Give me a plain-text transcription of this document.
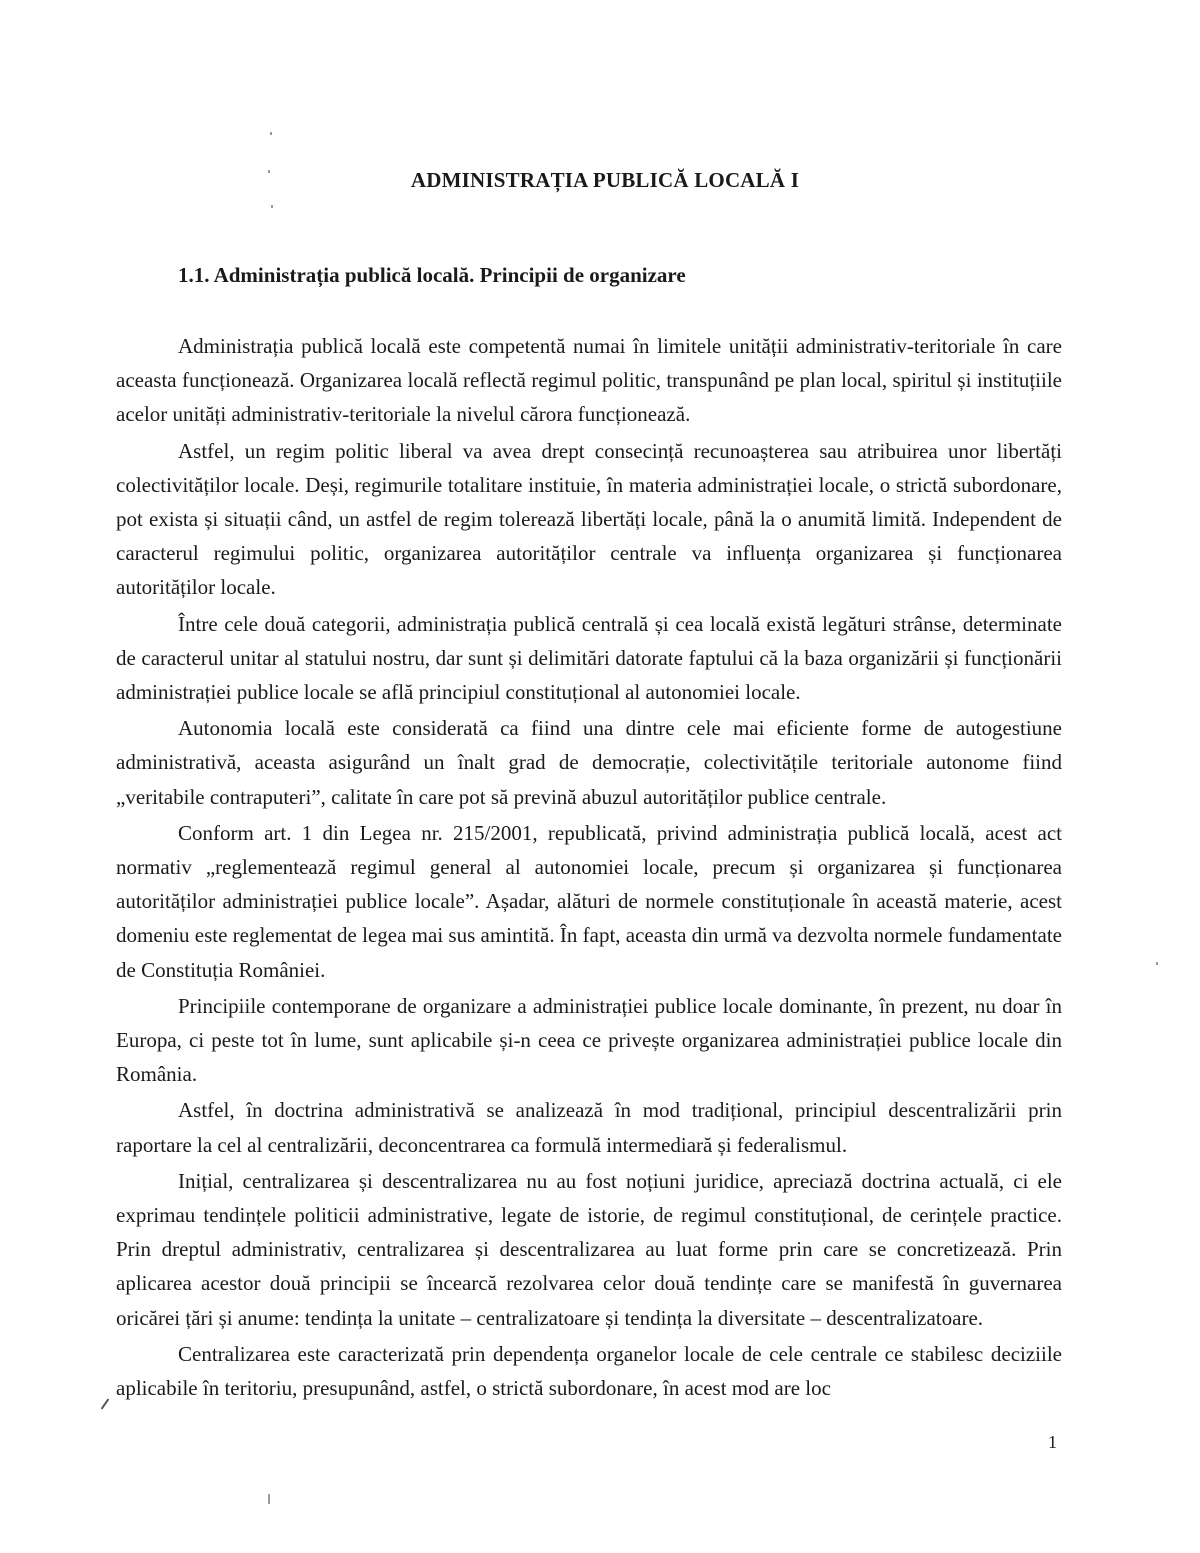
ADMINISTRAȚIA PUBLICĂ LOCALĂ I
1.1. Administrația publică locală. Principii de organizare

Administrația publică locală este competentă numai în limitele unității administrativ-teritoriale în care aceasta funcționează. Organizarea locală reflectă regimul politic, transpunând pe plan local, spiritul și instituțiile acelor unități administrativ-teritoriale la nivelul cărora funcționează.

Astfel, un regim politic liberal va avea drept consecință recunoașterea sau atribuirea unor libertăți colectivităților locale. Deși, regimurile totalitare instituie, în materia administrației locale, o strictă subordonare, pot exista și situații când, un astfel de regim tolerează libertăți locale, până la o anumită limită. Independent de caracterul regimului politic, organizarea autorităților centrale va influența organizarea și funcționarea autorităților locale.

Între cele două categorii, administrația publică centrală și cea locală există legături strânse, determinate de caracterul unitar al statului nostru, dar sunt și delimitări datorate faptului că la baza organizării și funcționării administrației publice locale se află principiul constituțional al autonomiei locale.

Autonomia locală este considerată ca fiind una dintre cele mai eficiente forme de autogestiune administrativă, aceasta asigurând un înalt grad de democrație, colectivitățile teritoriale autonome fiind „veritabile contraputeri”, calitate în care pot să prevină abuzul autorităților publice centrale.

Conform art. 1 din Legea nr. 215/2001, republicată, privind administrația publică locală, acest act normativ „reglementează regimul general al autonomiei locale, precum și organizarea și funcționarea autorităților administrației publice locale”. Așadar, alături de normele constituționale în această materie, acest domeniu este reglementat de legea mai sus amintită. În fapt, aceasta din urmă va dezvolta normele fundamentate de Constituția României.

Principiile contemporane de organizare a administrației publice locale dominante, în prezent, nu doar în Europa, ci peste tot în lume, sunt aplicabile și-n ceea ce privește organizarea administrației publice locale din România.

Astfel, în doctrina administrativă se analizează în mod tradițional, principiul descentralizării prin raportare la cel al centralizării, deconcentrarea ca formulă intermediară și federalismul.

Inițial, centralizarea și descentralizarea nu au fost noțiuni juridice, apreciază doctrina actuală, ci ele exprimau tendințele politicii administrative, legate de istorie, de regimul constituțional, de cerințele practice. Prin dreptul administrativ, centralizarea și descentralizarea au luat forme prin care se concretizează. Prin aplicarea acestor două principii se încearcă rezolvarea celor două tendințe care se manifestă în guvernarea oricărei țări și anume: tendința la unitate – centralizatoare și tendința la diversitate – descentralizatoare.

Centralizarea este caracterizată prin dependența organelor locale de cele centrale ce stabilesc deciziile aplicabile în teritoriu, presupunând, astfel, o strictă subordonare, în acest mod are loc

1
